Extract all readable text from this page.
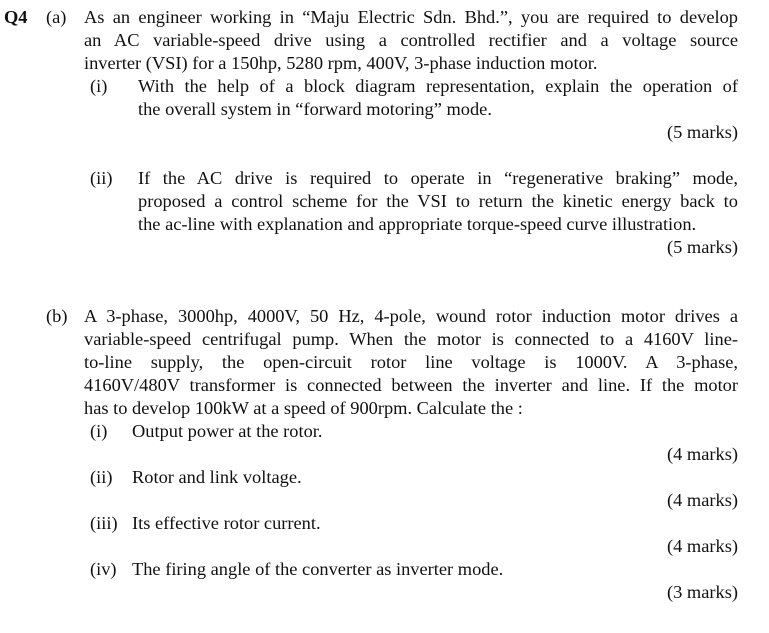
Q4 (a) As an engineer working in “Maju Electric Sdn. Bhd.”, you are required to develop
an AC variable-speed drive using a controlled rectifier and a voltage source
inverter (VSI) for a 150hp, 5280 rpm, 400V, 3-phase induction motor.
(i) With the help of a block diagram representation, explain the operation of
the overall system in “forward motoring” mode.
(5 marks)
(ii) If the AC drive is required to operate in “regenerative braking” mode,
proposed a control scheme for the VSI to return the kinetic energy back to
the ac-line with explanation and appropriate torque-speed curve illustration.
(5 marks)
(b) A 3-phase, 3000hp, 4000V, 50 Hz, 4-pole, wound rotor induction motor drives a
variable-speed centrifugal pump. When the motor is connected to a 4160V line-
to-line supply, the open-circuit rotor line voltage is 1000V. A 3-phase,
4160V/480V transformer is connected between the inverter and line. If the motor
has to develop 100kW at a speed of 900rpm. Calculate the :
(i) Output power at the rotor.
(4 marks)
(ii) Rotor and link voltage.
(4 marks)
(iii) Its effective rotor current.
(4 marks)
(iv) The firing angle of the converter as inverter mode.
(3 marks)
